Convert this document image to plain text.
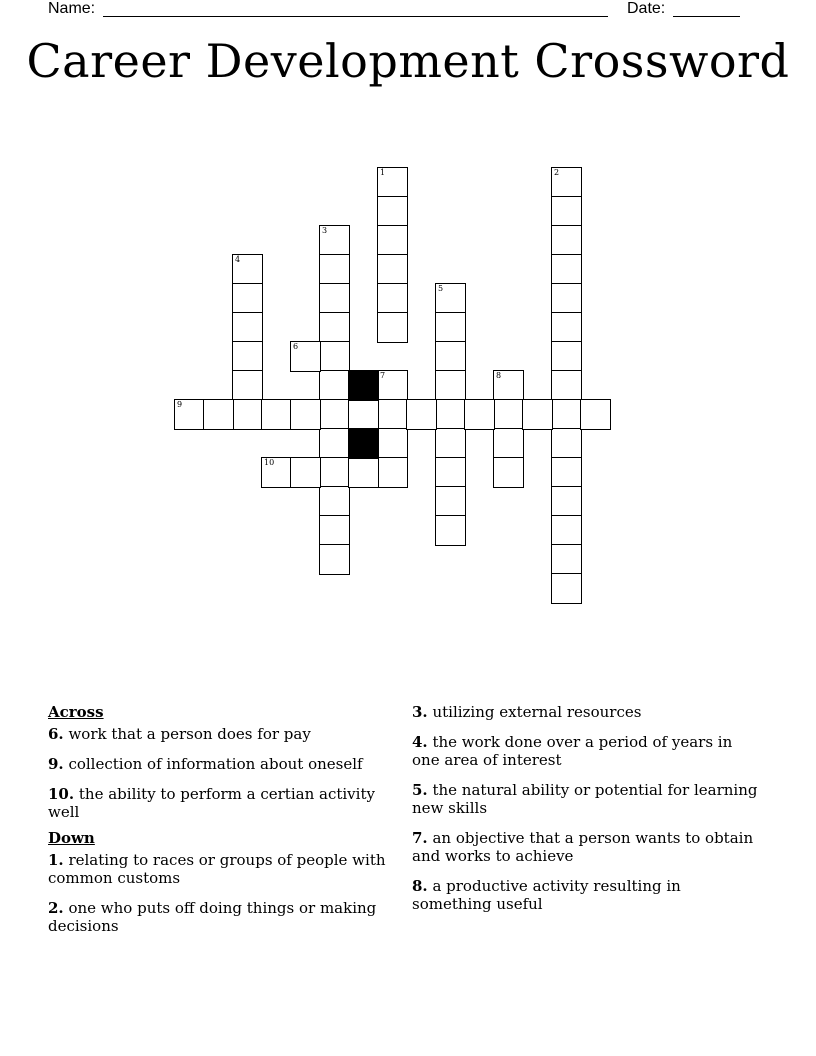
Name:	Date:
Career Development Crossword
1	2
3
4
5
6
7	8
9
10
Across
6. work that a person does for pay
9. collection of information about oneself
10. the ability to perform a certian activity well
Down
1. relating to races or groups of people with common customs
2. one who puts off doing things or making decisions
3. utilizing external resources
4. the work done over a period of years in one area of interest
5. the natural ability or potential for learning new skills
7. an objective that a person wants to obtain and works to achieve
8. a productive activity resulting in something useful
